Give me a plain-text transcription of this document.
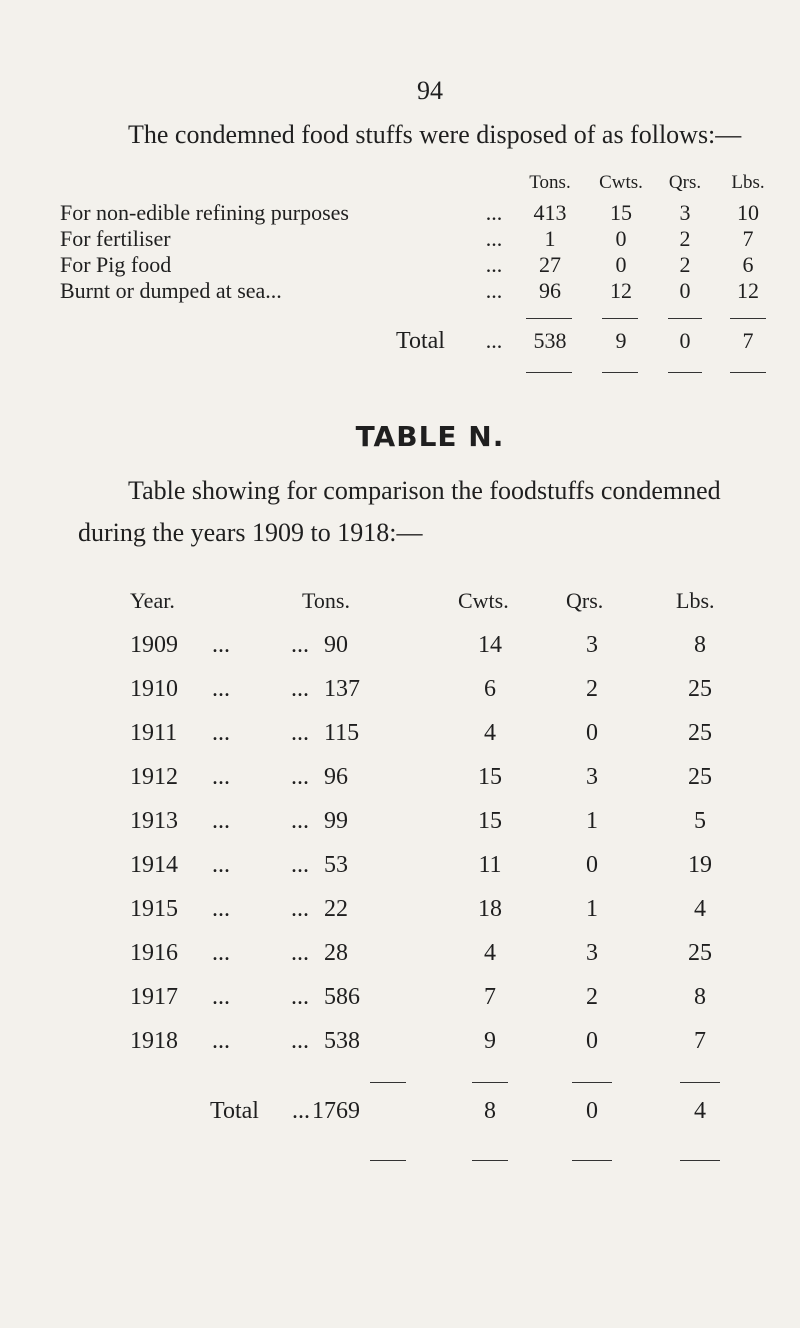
94
The condemned food stuffs were disposed of as follows:—
Tons.	Cwts.	Qrs.	Lbs.
For non-edible refining purposes	...	413	15	3	10
For fertiliser	...	1	0	2	7
For Pig food	...	27	0	2	6
Burnt or dumped at sea...	...	96	12	0	12
Total	...	538	9	0	7
TABLE N.
Table showing for comparison the foodstuffs condemned
during the years 1909 to 1918:—
Year.	Tons.	Cwts.	Qrs.	Lbs.
1909	...	... 90	14	3	8
1910	...	... 137	6	2	25
1911	...	... 115	4	0	25
1912	...	... 96	15	3	25
1913	...	... 99	15	1	5
1914	...	... 53	11	0	19
1915	...	... 22	18	1	4
1916	...	... 28	4	3	25
1917	...	... 586	7	2	8
1918	...	... 538	9	0	7
Total	... 1769	8	0	4
